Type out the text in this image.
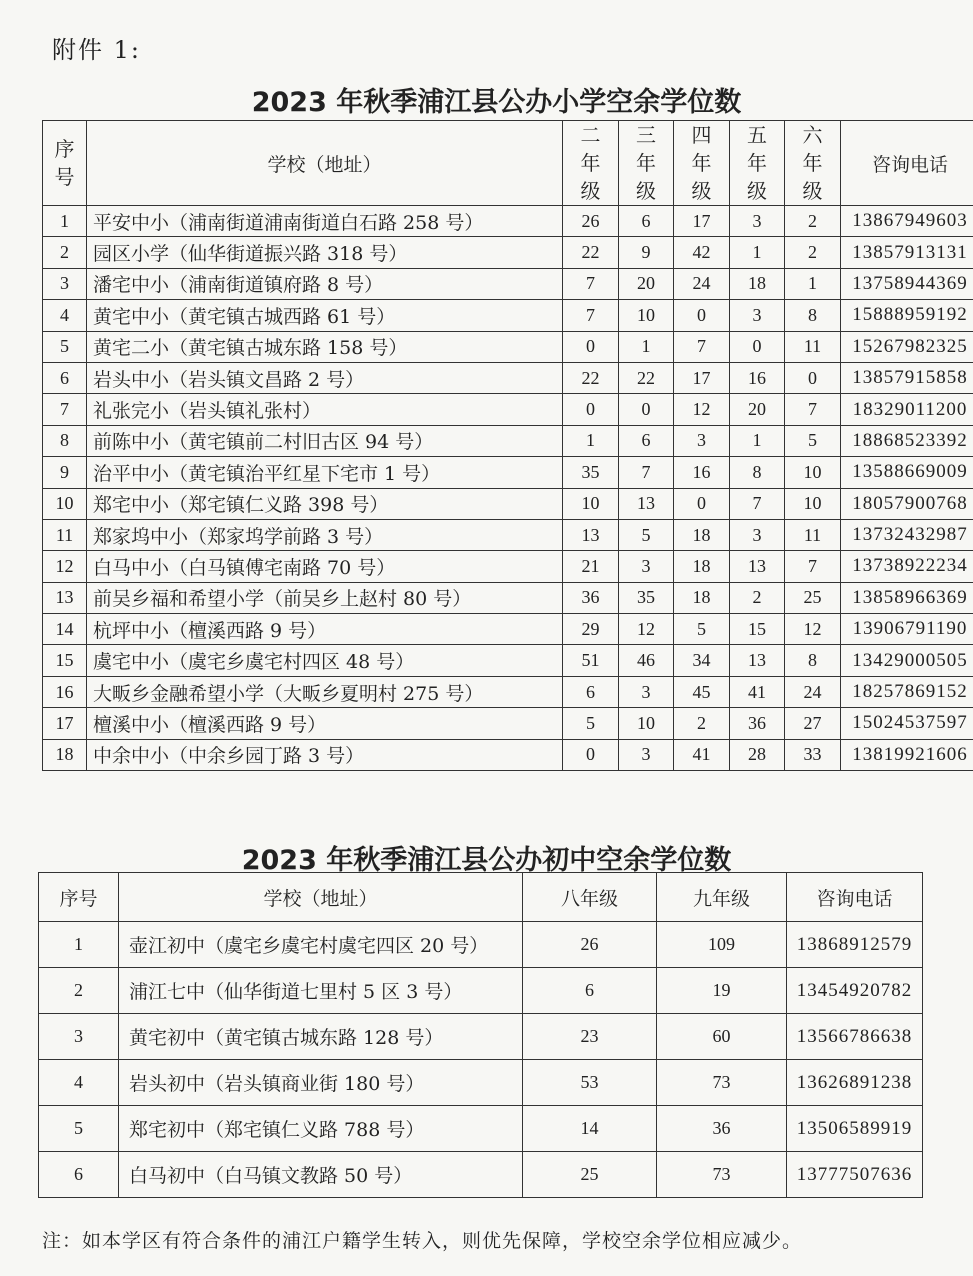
附件 1:
2023 年秋季浦江县公办小学空余学位数
序
号	学校（地址）	二
年
级	三
年
级	四
年
级	五
年
级	六
年
级	咨询电话
1	平安中小（浦南街道浦南街道白石路 258 号）	26	6	17	3	2	13867949603
2	园区小学（仙华街道振兴路 318 号）	22	9	42	1	2	13857913131
3	潘宅中小（浦南街道镇府路 8 号）	7	20	24	18	1	13758944369
4	黄宅中小（黄宅镇古城西路 61 号）	7	10	0	3	8	15888959192
5	黄宅二小（黄宅镇古城东路 158 号）	0	1	7	0	11	15267982325
6	岩头中小（岩头镇文昌路 2 号）	22	22	17	16	0	13857915858
7	礼张完小（岩头镇礼张村）	0	0	12	20	7	18329011200
8	前陈中小（黄宅镇前二村旧古区 94 号）	1	6	3	1	5	18868523392
9	治平中小（黄宅镇治平红星下宅市 1 号）	35	7	16	8	10	13588669009
10	郑宅中小（郑宅镇仁义路 398 号）	10	13	0	7	10	18057900768
11	郑家坞中小（郑家坞学前路 3 号）	13	5	18	3	11	13732432987
12	白马中小（白马镇傅宅南路 70 号）	21	3	18	13	7	13738922234
13	前吴乡福和希望小学（前吴乡上赵村 80 号）	36	35	18	2	25	13858966369
14	杭坪中小（檀溪西路 9 号）	29	12	5	15	12	13906791190
15	虞宅中小（虞宅乡虞宅村四区 48 号）	51	46	34	13	8	13429000505
16	大畈乡金融希望小学（大畈乡夏明村 275 号）	6	3	45	41	24	18257869152
17	檀溪中小（檀溪西路 9 号）	5	10	2	36	27	15024537597
18	中余中小（中余乡园丁路 3 号）	0	3	41	28	33	13819921606
2023 年秋季浦江县公办初中空余学位数
序号	学校（地址）	八年级	九年级	咨询电话
1	壶江初中（虞宅乡虞宅村虞宅四区 20 号）	26	109	13868912579
2	浦江七中（仙华街道七里村 5 区 3 号）	6	19	13454920782
3	黄宅初中（黄宅镇古城东路 128 号）	23	60	13566786638
4	岩头初中（岩头镇商业街 180 号）	53	73	13626891238
5	郑宅初中（郑宅镇仁义路 788 号）	14	36	13506589919
6	白马初中（白马镇文教路 50 号）	25	73	13777507636
注：如本学区有符合条件的浦江户籍学生转入，则优先保障，学校空余学位相应减少。
